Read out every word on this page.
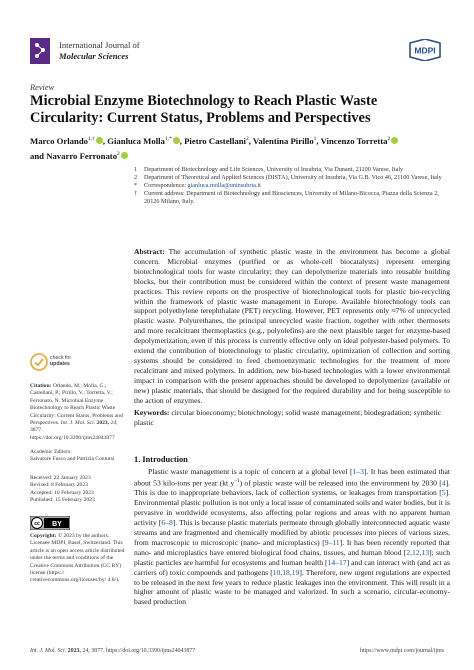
International Journal of
Molecular Sciences
MDPI
Review
Microbial Enzyme Biotechnology to Reach Plastic Waste Circularity: Current Status, Problems and Perspectives
Marco Orlando$^{1,\dagger}$ , Gianluca Molla$^{1,*}$ , Pietro Castellani$^2$, Valentina Pirillo$^1$, Vincenzo Torretta$^2$
and Navarro Ferronato$^2$
1 Department of Biotechnology and Life Sciences, University of Insubria, Via Dunant, 21100 Varese, Italy
2 Department of Theoretical and Applied Sciences (DISTA), University of Insubria, Via G.B. Vico 46, 21100 Varese, Italy
* Correspondence: gianluca.molla@uninsubria.it
† Current address: Department of Biotechnology and Biosciences, University of Milano-Bicocca, Piazza della Scienza 2, 20126 Milano, Italy.
Abstract: The accumulation of synthetic plastic waste in the environment has become a global concern. Microbial enzymes (purified or as whole-cell biocatalysts) represent emerging biotechnological tools for waste circularity; they can depolymerize materials into reusable building blocks, but their contribution must be considered within the context of present waste management practices. This review reports on the prospective of biotechnological tools for plastic bio-recycling within the framework of plastic waste management in Europe. Available biotechnology tools can support polyethylene terephthalate (PET) recycling. However, PET represents only ≈7% of unrecycled plastic waste. Polyurethanes, the principal unrecycled waste fraction, together with other thermosets and more recalcitrant thermoplastics (e.g., polyolefins) are the next plausible target for enzyme-based depolymerization, even if this process is currently effective only on ideal polyester-based polymers. To extend the contribution of biotechnology to plastic circularity, optimization of collection and sorting systems should be considered to feed chemoenzymatic technologies for the treatment of more recalcitrant and mixed polymers. In addition, new bio-based technologies with a lower environmental impact in comparison with the present approaches should be developed to depolymerize (available or new) plastic materials, that should be designed for the required durability and for being susceptible to the action of enzymes.
Keywords: circular bioeconomy; biotechnology; solid waste management; biodegradation; synthetic plastic
check for
updates
Citation: Orlando, M.; Molla, G.; Castellani, P.; Pirillo, V.; Torretta, V.; Ferronato, N. Microbial Enzyme Biotechnology to Reach Plastic Waste Circularity: Current Status, Problems and Perspectives. Int. J. Mol. Sci. 2023, 24, 3877. https://doi.org/10.3390/ijms24043877
Academic Editors:
Salvatore Fusco and Patrizia Contursi
Received: 22 January 2023
Revised: 8 February 2023
Accepted: 10 February 2023
Published: 15 February 2023
cc BY
Copyright: © 2023 by the authors. Licensee MDPI, Basel, Switzerland. This article is an open access article distributed under the terms and conditions of the Creative Commons Attribution (CC BY) license (https:// creativecommons.org/licenses/by/ 4.0/).
1. Introduction
Plastic waste management is a topic of concern at a global level [1–3]. It has been estimated that about 53 kilo-tons per year (kt $y^{-1}$) of plastic waste will be released into the environment by 2030 [4]. This is due to inappropriate behaviors, lack of collection systems, or leakages from transportation [5]. Environmental plastic pollution is not only a local issue of contaminated soils and water bodies, but it is pervasive in worldwide ecosystems, also affecting polar regions and areas with no apparent human activity [6–8]. This is because plastic materials permeate through globally interconnected aquatic waste streams and are fragmented and chemically modified by abiotic processes into pieces of various sizes, from macroscopic to microscopic (nano- and microplastics) [9–11]. It has been recently reported that nano- and microplastics have entered biological food chains, tissues, and human blood [2,12,13]; such plastic particles are harmful for ecosystems and human health [14–17] and can interact with (and act as carriers of) toxic compounds and pathogens [10,18,19]. Therefore, new urgent regulations are expected to be released in the next few years to reduce plastic leakages into the environment. This will result in a higher amount of plastic waste to be managed and valorized. In such a scenario, circular-economy-based production
Int. J. Mol. Sci. 2023, 24, 3877. https://doi.org/10.3390/ijms24043877	https://www.mdpi.com/journal/ijms
